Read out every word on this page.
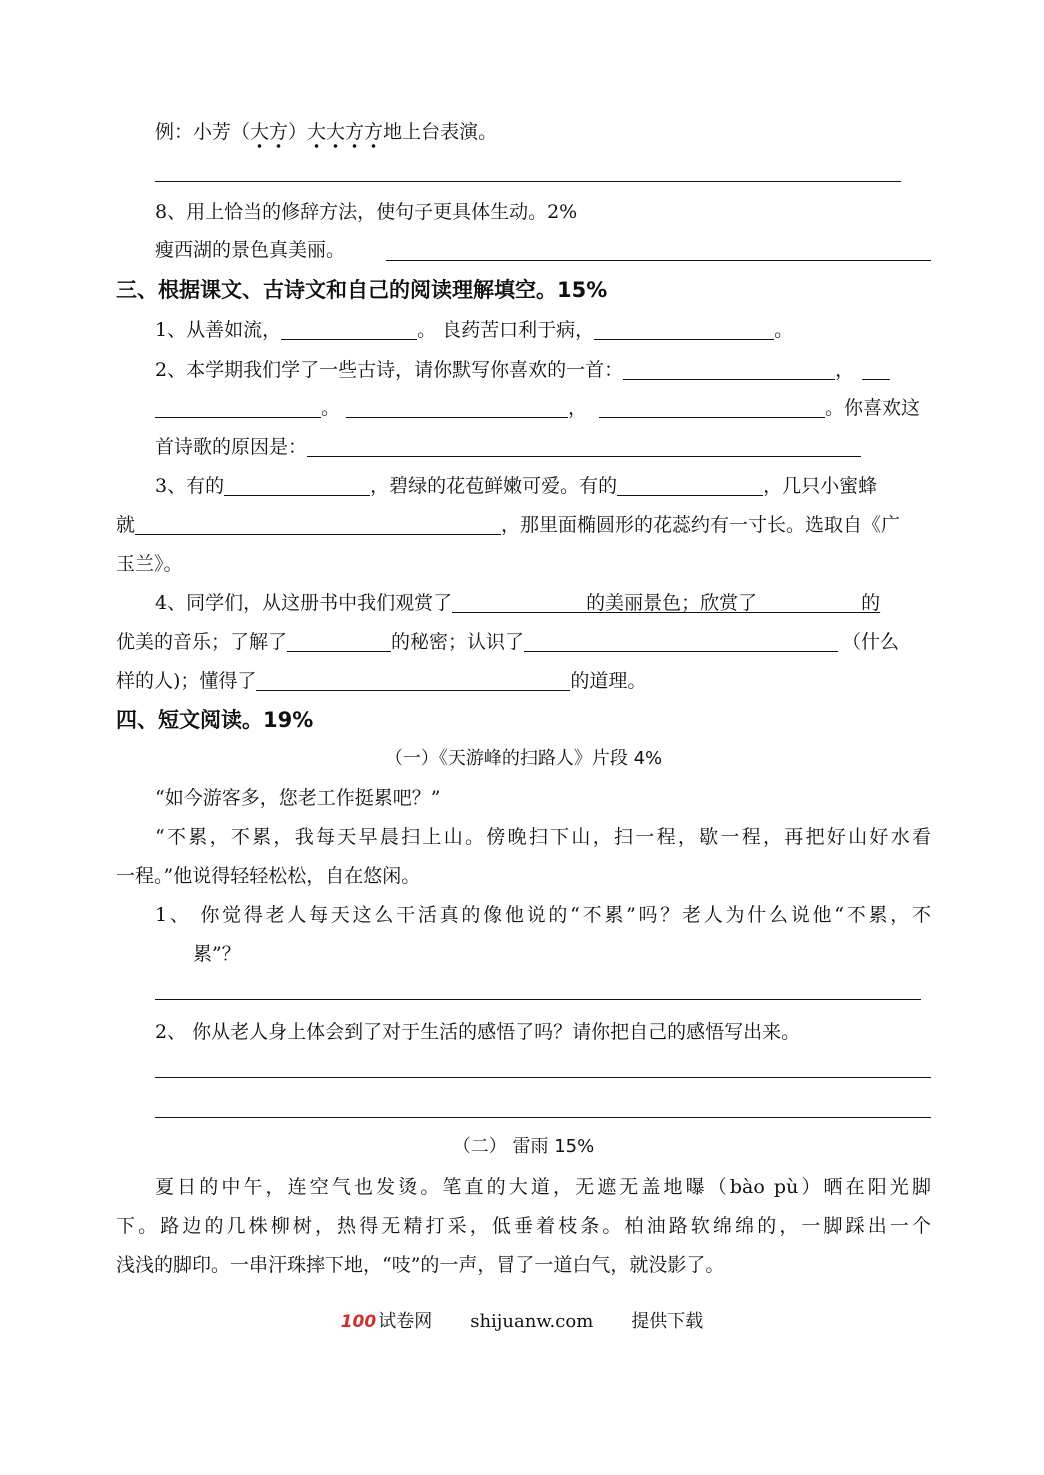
例：小芳（大方）大大方方地上台表演。
8、用上恰当的修辞方法，使句子更具体生动。2%
瘦西湖的景色真美丽。
三、根据课文、古诗文和自己的阅读理解填空。15%
1、从善如流，	。 良药苦口利于病，	。
2、本学期我们学了一些古诗，请你默写你喜欢的一首：	，
。	，	。你喜欢这
首诗歌的原因是：
3、有的	，碧绿的花苞鲜嫩可爱。有的	，几只小蜜蜂
就	，那里面椭圆形的花蕊约有一寸长。选取自《广
玉兰》。
4、同学们，从这册书中我们观赏了	的美丽景色；欣赏了	的
优美的音乐；了解了	的秘密；认识了	（什么
样的人)；懂得了	的道理。
四、短文阅读。19%
（一）《天游峰的扫路人》片段 4%
“如今游客多，您老工作挺累吧？”
“不累，不累，我每天早晨扫上山。傍晚扫下山，扫一程，歇一程，再把好山好水看
一程。”他说得轻轻松松，自在悠闲。
1、 你觉得老人每天这么干活真的像他说的“不累”吗？老人为什么说他“不累，不
累”？
2、 你从老人身上体会到了对于生活的感悟了吗？请你把自己的感悟写出来。
（二） 雷雨 15%
夏日的中午，连空气也发烫。笔直的大道，无遮无盖地曝（bào pù）晒在阳光脚
下。路边的几株柳树，热得无精打采，低垂着枝条。柏油路软绵绵的，一脚踩出一个
浅浅的脚印。一串汗珠摔下地，“吱”的一声，冒了一道白气，就没影了。
100 试卷网 shijuanw.com 提供下载
